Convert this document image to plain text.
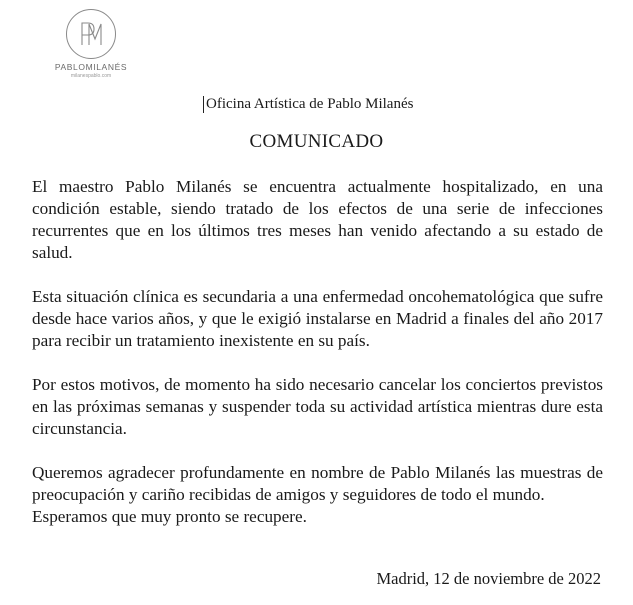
PABLOMILANÉS
milanespablo.com
Oficina Artística de Pablo Milanés
COMUNICADO

El maestro Pablo Milanés se encuentra actualmente hospitalizado, en una condición estable, siendo tratado de los efectos de una serie de infecciones recurrentes que en los últimos tres meses han venido afectando a su estado de salud.

Esta situación clínica es secundaria a una enfermedad oncohematológica que sufre desde hace varios años, y que le exigió instalarse en Madrid a finales del año 2017 para recibir un tratamiento inexistente en su país.

Por estos motivos, de momento ha sido necesario cancelar los conciertos previstos en las próximas semanas y suspender toda su actividad artística mientras dure esta circunstancia.

Queremos agradecer profundamente en nombre de Pablo Milanés las muestras de preocupación y cariño recibidas de amigos y seguidores de todo el mundo.

Esperamos que muy pronto se recupere.

Madrid, 12 de noviembre de 2022
